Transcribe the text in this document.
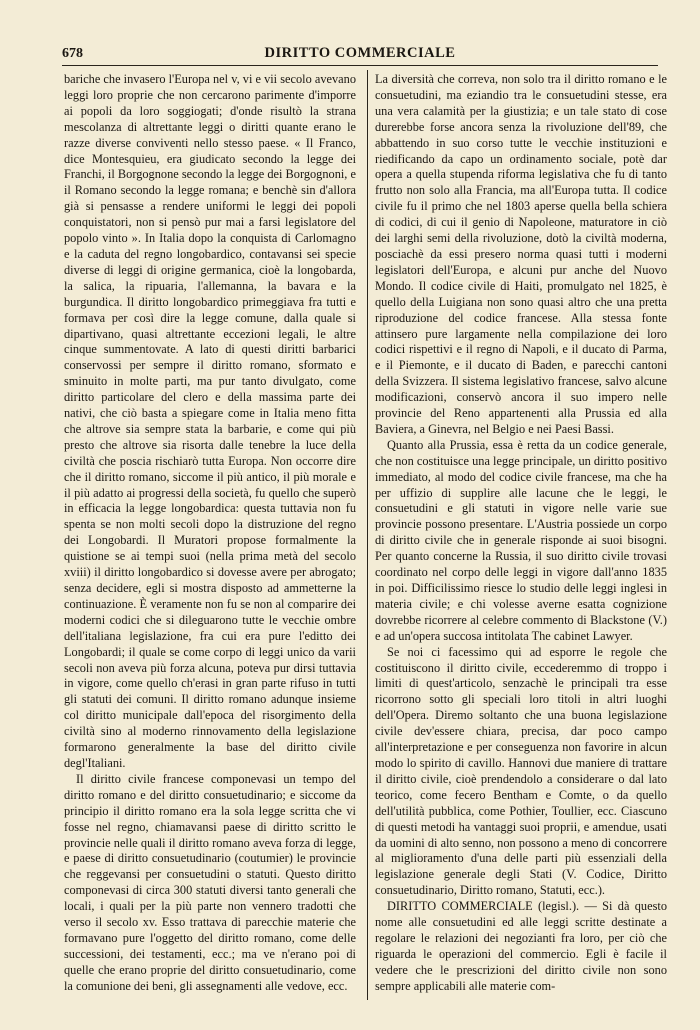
678	DIRITTO COMMERCIALE

bariche che invasero l'Europa nel v, vi e vii secolo avevano leggi loro proprie che non cercarono parimente d'imporre ai popoli da loro soggiogati; d'onde risultò la strana mescolanza di altrettante leggi o diritti quante erano le razze diverse conviventi nello stesso paese. « Il Franco, dice Montesquieu, era giudicato secondo la legge dei Franchi, il Borgognone secondo la legge dei Borgognoni, e il Romano secondo la legge romana; e benchè sin d'allora già si pensasse a rendere uniformi le leggi dei popoli conquistatori, non si pensò pur mai a farsi legislatore del popolo vinto ». In Italia dopo la conquista di Carlomagno e la caduta del regno longobardico, contavansi sei specie diverse di leggi di origine germanica, cioè la longobarda, la salica, la ripuaria, l'allemanna, la bavara e la burgundica. Il diritto longobardico primeggiava fra tutti e formava per così dire la legge comune, dalla quale si dipartivano, quasi altrettante eccezioni legali, le altre cinque summentovate. A lato di questi diritti barbarici conservossi per sempre il diritto romano, sformato e sminuito in molte parti, ma pur tanto divulgato, come diritto particolare del clero e della massima parte dei nativi, che ciò basta a spiegare come in Italia meno fitta che altrove sia sempre stata la barbarie, e come qui più presto che altrove sia risorta dalle tenebre la luce della civiltà che poscia rischiarò tutta Europa. Non occorre dire che il diritto romano, siccome il più antico, il più morale e il più adatto ai progressi della società, fu quello che superò in efficacia la legge longobardica: questa tuttavia non fu spenta se non molti secoli dopo la distruzione del regno dei Longobardi. Il Muratori propose formalmente la quistione se ai tempi suoi (nella prima metà del secolo xviii) il diritto longobardico si dovesse avere per abrogato; senza decidere, egli si mostra disposto ad ammetterne la continuazione. È veramente non fu se non al comparire dei moderni codici che si dileguarono tutte le vecchie ombre dell'italiana legislazione, fra cui era pure l'editto dei Longobardi; il quale se come corpo di leggi unico da varii secoli non aveva più forza alcuna, poteva pur dirsi tuttavia in vigore, come quello ch'erasi in gran parte rifuso in tutti gli statuti dei comuni. Il diritto romano adunque insieme col diritto municipale dall'epoca del risorgimento della civiltà sino al moderno rinnovamento della legislazione formarono generalmente la base del diritto civile degl'Italiani.

Il diritto civile francese componevasi un tempo del diritto romano e del diritto consuetudinario; e siccome da principio il diritto romano era la sola legge scritta che vi fosse nel regno, chiamavansi paese di diritto scritto le provincie nelle quali il diritto romano aveva forza di legge, e paese di diritto consuetudinario (coutumier) le provincie che reggevansi per consuetudini o statuti. Questo diritto componevasi di circa 300 statuti diversi tanto generali che locali, i quali per la più parte non vennero tradotti che verso il secolo xv. Esso trattava di parecchie materie che formavano pure l'oggetto del diritto romano, come delle successioni, dei testamenti, ecc.; ma ve n'erano poi di quelle che erano proprie del diritto consuetudinario, come la comunione dei beni, gli assegnamenti alle vedove, ecc.

La diversità che correva, non solo tra il diritto romano e le consuetudini, ma eziandio tra le consuetudini stesse, era una vera calamità per la giustizia; e un tale stato di cose durerebbe forse ancora senza la rivoluzione dell'89, che abbattendo in suo corso tutte le vecchie instituzioni e riedificando da capo un ordinamento sociale, potè dar opera a quella stupenda riforma legislativa che fu di tanto frutto non solo alla Francia, ma all'Europa tutta. Il codice civile fu il primo che nel 1803 aperse quella bella schiera di codici, di cui il genio di Napoleone, maturatore in ciò dei larghi semi della rivoluzione, dotò la civiltà moderna, posciachè da essi presero norma quasi tutti i moderni legislatori dell'Europa, e alcuni pur anche del Nuovo Mondo. Il codice civile di Haiti, promulgato nel 1825, è quello della Luigiana non sono quasi altro che una pretta riproduzione del codice francese. Alla stessa fonte attinsero pure largamente nella compilazione dei loro codici rispettivi e il regno di Napoli, e il ducato di Parma, e il Piemonte, e il ducato di Baden, e parecchi cantoni della Svizzera. Il sistema legislativo francese, salvo alcune modificazioni, conservò ancora il suo impero nelle provincie del Reno appartenenti alla Prussia ed alla Baviera, a Ginevra, nel Belgio e nei Paesi Bassi.

Quanto alla Prussia, essa è retta da un codice generale, che non costituisce una legge principale, un diritto positivo immediato, al modo del codice civile francese, ma che ha per uffizio di supplire alle lacune che le leggi, le consuetudini e gli statuti in vigore nelle varie sue provincie possono presentare. L'Austria possiede un corpo di diritto civile che in generale risponde ai suoi bisogni. Per quanto concerne la Russia, il suo diritto civile trovasi coordinato nel corpo delle leggi in vigore dall'anno 1835 in poi. Difficilissimo riesce lo studio delle leggi inglesi in materia civile; e chi volesse averne esatta cognizione dovrebbe ricorrere al celebre commento di Blackstone (V.) e ad un'opera succosa intitolata The cabinet Lawyer.

Se noi ci facessimo qui ad esporre le regole che costituiscono il diritto civile, eccederemmo di troppo i limiti di quest'articolo, senzachè le principali tra esse ricorrono sotto gli speciali loro titoli in altri luoghi dell'Opera. Diremo soltanto che una buona legislazione civile dev'essere chiara, precisa, dar poco campo all'interpretazione e per conseguenza non favorire in alcun modo lo spirito di cavillo. Hannovi due maniere di trattare il diritto civile, cioè prendendolo a considerare o dal lato teorico, come fecero Bentham e Comte, o da quello dell'utilità pubblica, come Pothier, Toullier, ecc. Ciascuno di questi metodi ha vantaggi suoi proprii, e amendue, usati da uomini di alto senno, non possono a meno di concorrere al miglioramento d'una delle parti più essenziali della legislazione generale degli Stati (V. Codice, Diritto consuetudinario, Diritto romano, Statuti, ecc.).

DIRITTO COMMERCIALE (legisl.). — Si dà questo nome alle consuetudini ed alle leggi scritte destinate a regolare le relazioni dei negozianti fra loro, per ciò che riguarda le operazioni del commercio. Egli è facile il vedere che le prescrizioni del diritto civile non sono sempre applicabili alle materie com-
